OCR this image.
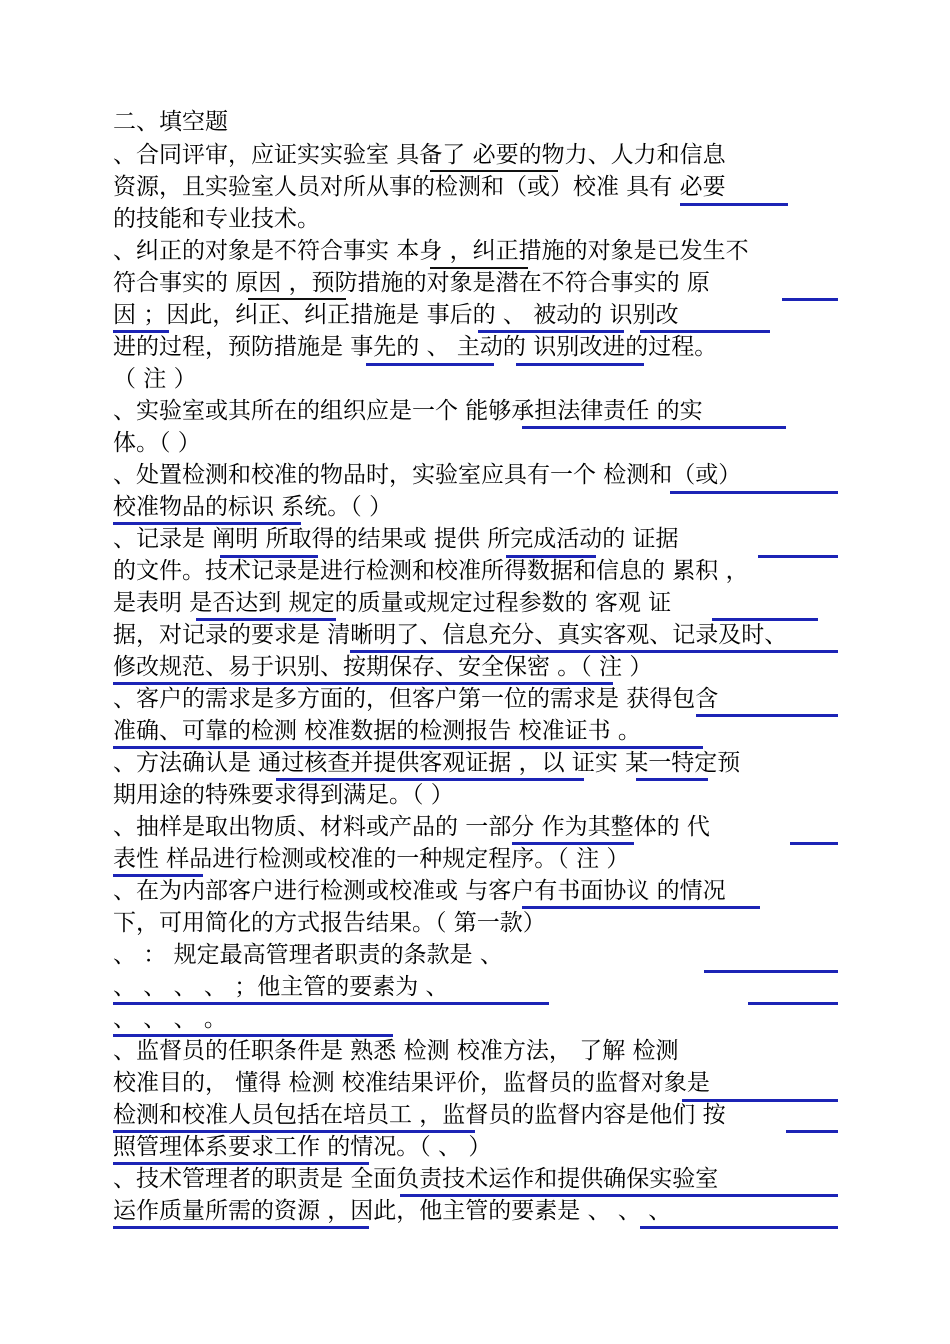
二、填空题
、合同评审，应证实实验室 具备了 必要的物力、人力和信息
资源，且实验室人员对所从事的检测和（或）校准 具有 必要
的技能和专业技术。
、纠正的对象是不符合事实 本身 ，纠正措施的对象是已发生不
符合事实的 原因 ，预防措施的对象是潜在不符合事实的 原
因 ；因此，纠正、纠正措施是 事后的 、 被动的 识别改
进的过程，预防措施是 事先的 、 主动的 识别改进的过程。
（ 注 ）
、实验室或其所在的组织应是一个 能够承担法律责任 的实
体。（ ）
、处置检测和校准的物品时，实验室应具有一个 检测和（或）
校准物品的标识 系统。（ ）
、记录是 阐明 所取得的结果或 提供 所完成活动的 证据
的文件。技术记录是进行检测和校准所得数据和信息的 累积 ，
是表明 是否达到 规定的质量或规定过程参数的 客观 证
据，对记录的要求是 清晰明了、信息充分、真实客观、记录及时、
修改规范、易于识别、按期保存、安全保密 。（ 注 ）
、客户的需求是多方面的，但客户第一位的需求是 获得包含
准确、可靠的检测 校准数据的检测报告 校准证书 。
、方法确认是 通过核查并提供客观证据 ，以 证实 某一特定预
期用途的特殊要求得到满足。（ ）
、抽样是取出物质、材料或产品的 一部分 作为其整体的 代
表性 样品进行检测或校准的一种规定程序。（ 注 ）
、在为内部客户进行检测或校准或 与客户有书面协议 的情况
下，可用简化的方式报告结果。（ 第一款）
、 ： 规定最高管理者职责的条款是 、
、 、 、 、 ；他主管的要素为 、
、 、 、 。
、监督员的任职条件是 熟悉 检测 校准方法， 了解 检测
校准目的， 懂得 检测 校准结果评价，监督员的监督对象是
检测和校准人员包括在培员工 ，监督员的监督内容是他们 按
照管理体系要求工作 的情况。（ 、 ）
、技术管理者的职责是 全面负责技术运作和提供确保实验室
运作质量所需的资源 ，因此，他主管的要素是 、 、 、
